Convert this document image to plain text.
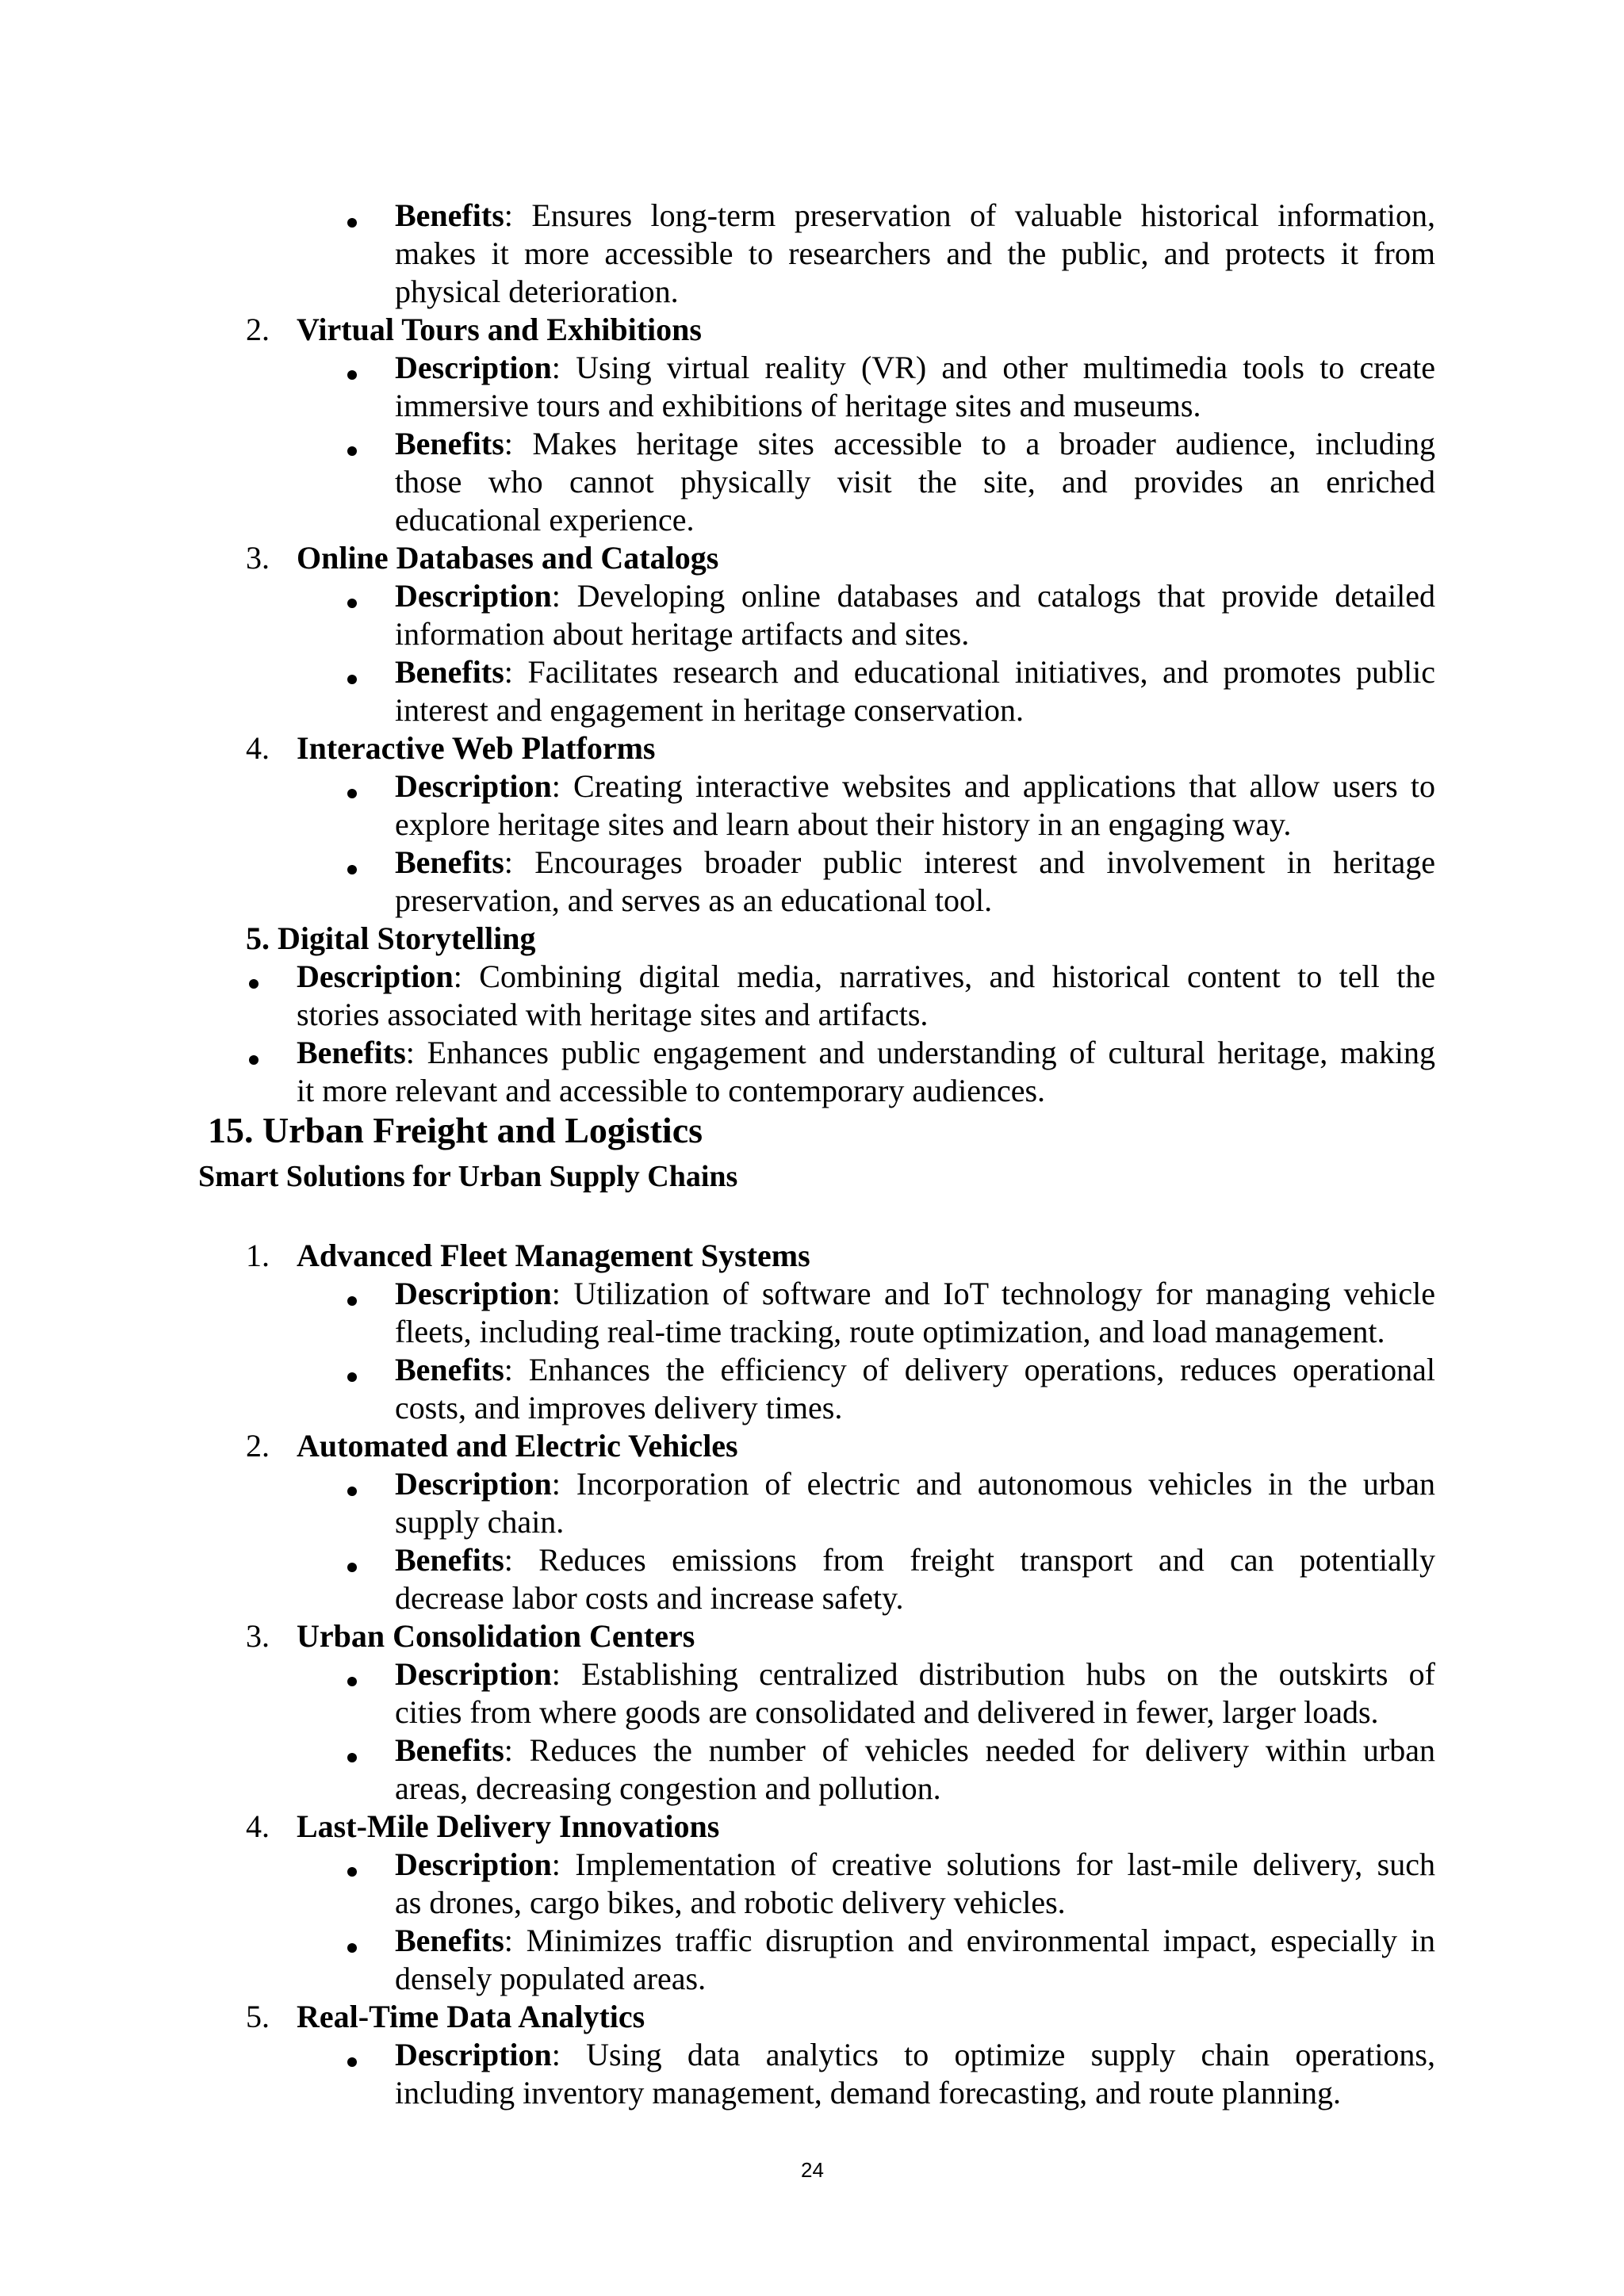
Benefits: Ensures long-term preservation of valuable historical information,

makes it more accessible to researchers and the public, and protects it from

physical deterioration.

2. Virtual Tours and Exhibitions

Description: Using virtual reality (VR) and other multimedia tools to create

immersive tours and exhibitions of heritage sites and museums.

Benefits: Makes heritage sites accessible to a broader audience, including

those who cannot physically visit the site, and provides an enriched

educational experience.

3. Online Databases and Catalogs

Description: Developing online databases and catalogs that provide detailed

information about heritage artifacts and sites.

Benefits: Facilitates research and educational initiatives, and promotes public

interest and engagement in heritage conservation.

4. Interactive Web Platforms

Description: Creating interactive websites and applications that allow users to

explore heritage sites and learn about their history in an engaging way.

Benefits: Encourages broader public interest and involvement in heritage

preservation, and serves as an educational tool.

5. Digital Storytelling

Description: Combining digital media, narratives, and historical content to tell the

stories associated with heritage sites and artifacts.

Benefits: Enhances public engagement and understanding of cultural heritage, making

it more relevant and accessible to contemporary audiences.

15. Urban Freight and Logistics

Smart Solutions for Urban Supply Chains

1. Advanced Fleet Management Systems

Description: Utilization of software and IoT technology for managing vehicle

fleets, including real-time tracking, route optimization, and load management.

Benefits: Enhances the efficiency of delivery operations, reduces operational

costs, and improves delivery times.

2. Automated and Electric Vehicles

Description: Incorporation of electric and autonomous vehicles in the urban

supply chain.

Benefits: Reduces emissions from freight transport and can potentially

decrease labor costs and increase safety.

3. Urban Consolidation Centers

Description: Establishing centralized distribution hubs on the outskirts of

cities from where goods are consolidated and delivered in fewer, larger loads.

Benefits: Reduces the number of vehicles needed for delivery within urban

areas, decreasing congestion and pollution.

4. Last-Mile Delivery Innovations

Description: Implementation of creative solutions for last-mile delivery, such

as drones, cargo bikes, and robotic delivery vehicles.

Benefits: Minimizes traffic disruption and environmental impact, especially in

densely populated areas.

5. Real-Time Data Analytics

Description: Using data analytics to optimize supply chain operations,

including inventory management, demand forecasting, and route planning.

24
